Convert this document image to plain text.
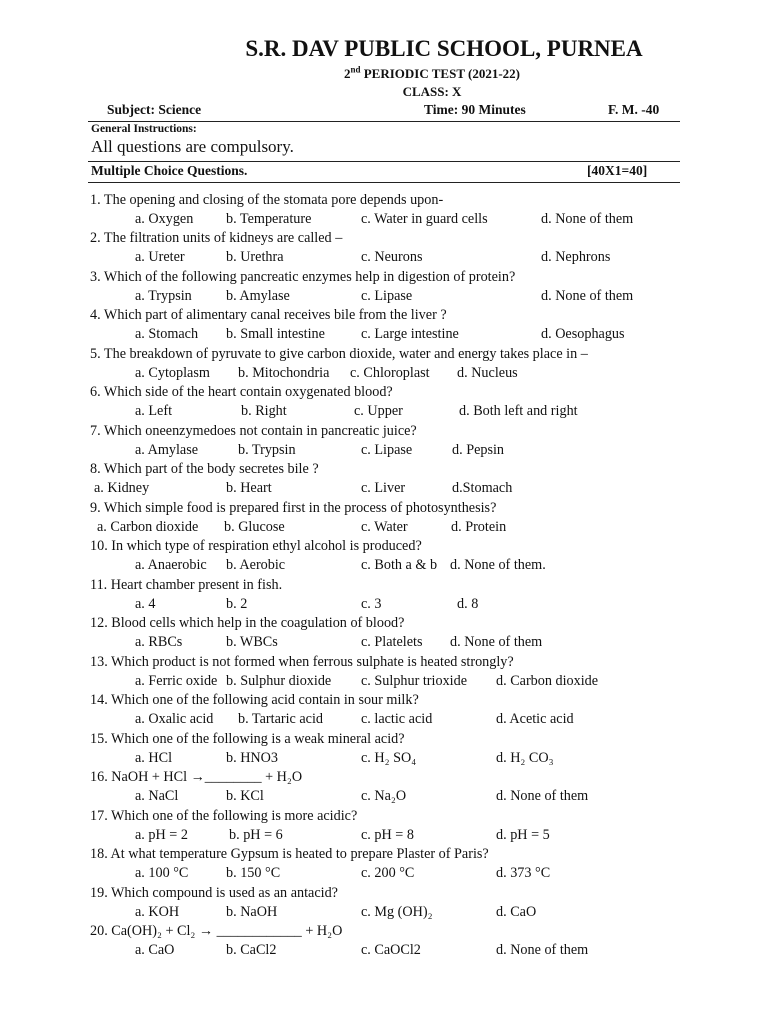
S.R. DAV PUBLIC SCHOOL, PURNEA
2nd PERIODIC TEST (2021-22)
CLASS: X
Subject: Science	Time: 90 Minutes	F. M. -40
General Instructions:
All questions are compulsory.
Multiple Choice Questions.	[40X1=40]
1. The opening and closing of the stomata pore depends upon-
a. Oxygen b. Temperature	c. Water in guard cells	d. None of them
2. The filtration units of kidneys are called –
a. Ureter	b. Urethra	c. Neurons	d. Nephrons
3. Which of the following pancreatic enzymes help in digestion of protein?
a. Trypsin b. Amylase	c. Lipase	d. None of them
4. Which part of alimentary canal receives bile from the liver ?
a. Stomach b. Small intestine	c. Large intestine	d. Oesophagus
5. The breakdown of pyruvate to give carbon dioxide, water and energy takes place in –
a. Cytoplasm b. Mitochondria c. Chloroplast d. Nucleus
6. Which side of the heart contain oxygenated blood?
a. Left	b. Right	c. Upper	d. Both left and right
7. Which oneenzymedoes not contain in pancreatic juice?
a. Amylase	b. Trypsin	c. Lipase	d. Pepsin
8. Which part of the body secretes bile ?
a. Kidney	b. Heart	c. Liver	d.Stomach
9. Which simple food is prepared first in the process of photosynthesis?
a. Carbon dioxide b. Glucose	c. Water	d. Protein
10. In which type of respiration ethyl alcohol is produced?
a. Anaerobic b. Aerobic	c. Both a & b d. None of them.
11. Heart chamber present in fish.
a. 4	b. 2	c. 3	d. 8
12. Blood cells which help in the coagulation of blood?
a. RBCs	b. WBCs	c. Platelets d. None of them
13. Which product is not formed when ferrous sulphate is heated strongly?
a. Ferric oxide b. Sulphur dioxide c. Sulphur trioxide d. Carbon dioxide
14. Which one of the following acid contain in sour milk?
a. Oxalic acid b. Tartaric acid	c. lactic acid	d. Acetic acid
15. Which one of the following is a weak mineral acid?
a. HCl	b. HNO3	c. H₂ SO₄	d. H₂ CO₃
16. NaOH + HCl →________ + H₂O
a. NaCl	b. KCl	c. Na₂O	d. None of them
17. Which one of the following is more acidic?
a. pH = 2	b. pH = 6	c. pH = 8	d. pH = 5
18. At what temperature Gypsum is heated to prepare Plaster of Paris?
a. 100 °C	b. 150 °C	c. 200 °C	d. 373 °C
19. Which compound is used as an antacid?
a. KOH	b. NaOH	c. Mg (OH)₂	d. CaO
20. Ca(OH)₂ + Cl₂ → ____________ + H₂O
a. CaO	b. CaCl2	c. CaOCl2	d. None of them
